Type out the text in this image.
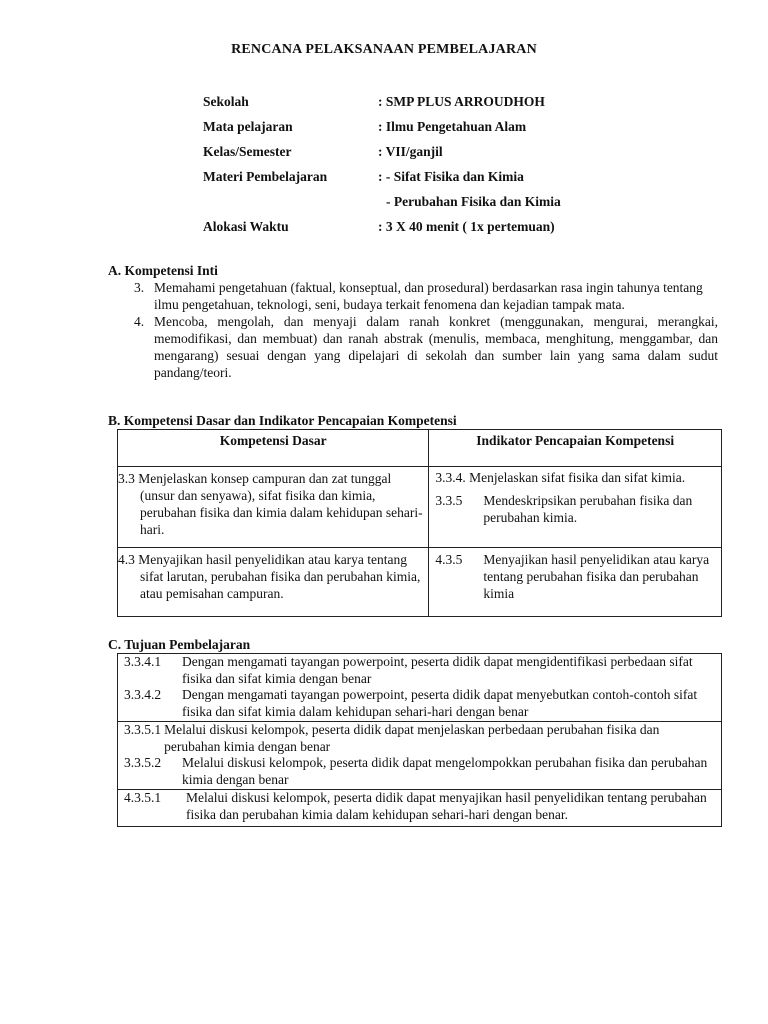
RENCANA PELAKSANAAN PEMBELAJARAN
Sekolah	: SMP PLUS ARROUDHOH
Mata pelajaran	: Ilmu Pengetahuan Alam
Kelas/Semester	: VII/ganjil
Materi Pembelajaran	: - Sifat Fisika dan Kimia
- Perubahan Fisika dan Kimia
Alokasi Waktu	: 3 X 40 menit ( 1x pertemuan)
A. Kompetensi Inti
3. Memahami pengetahuan (faktual, konseptual, dan prosedural) berdasarkan rasa ingin tahunya tentang ilmu pengetahuan, teknologi, seni, budaya terkait fenomena dan kejadian tampak mata.
4. Mencoba, mengolah, dan menyaji dalam ranah konkret (menggunakan, mengurai, merangkai, memodifikasi, dan membuat) dan ranah abstrak (menulis, membaca, menghitung, menggambar, dan mengarang) sesuai dengan yang dipelajari di sekolah dan sumber lain yang sama dalam sudut pandang/teori.
B. Kompetensi Dasar dan Indikator Pencapaian Kompetensi
Kompetensi Dasar	Indikator Pencapaian Kompetensi

3.3 Menjelaskan konsep campuran dan zat tunggal (unsur dan senyawa), sifat fisika dan kimia, perubahan fisika dan kimia dalam kehidupan sehari-hari.	3.3.4. Menjelaskan sifat fisika dan sifat kimia.
3.3.5 Mendeskripsikan perubahan fisika dan perubahan kimia.

4.3 Menyajikan hasil penyelidikan atau karya tentang sifat larutan, perubahan fisika dan perubahan kimia, atau pemisahan campuran.	4.3.5 Menyajikan hasil penyelidikan atau karya tentang perubahan fisika dan perubahan kimia
C. Tujuan Pembelajaran
3.3.4.1	Dengan mengamati tayangan powerpoint, peserta didik dapat mengidentifikasi perbedaan sifat fisika dan sifat kimia dengan benar
3.3.4.2	Dengan mengamati tayangan powerpoint, peserta didik dapat menyebutkan contoh-contoh sifat fisika dan sifat kimia dalam kehidupan sehari-hari dengan benar

3.3.5.1 Melalui diskusi kelompok, peserta didik dapat menjelaskan perbedaan perubahan fisika dan perubahan kimia dengan benar
3.3.5.2	Melalui diskusi kelompok, peserta didik dapat mengelompokkan perubahan fisika dan perubahan kimia dengan benar

4.3.5.1	Melalui diskusi kelompok, peserta didik dapat menyajikan hasil penyelidikan tentang perubahan fisika dan perubahan kimia dalam kehidupan sehari-hari dengan benar.
